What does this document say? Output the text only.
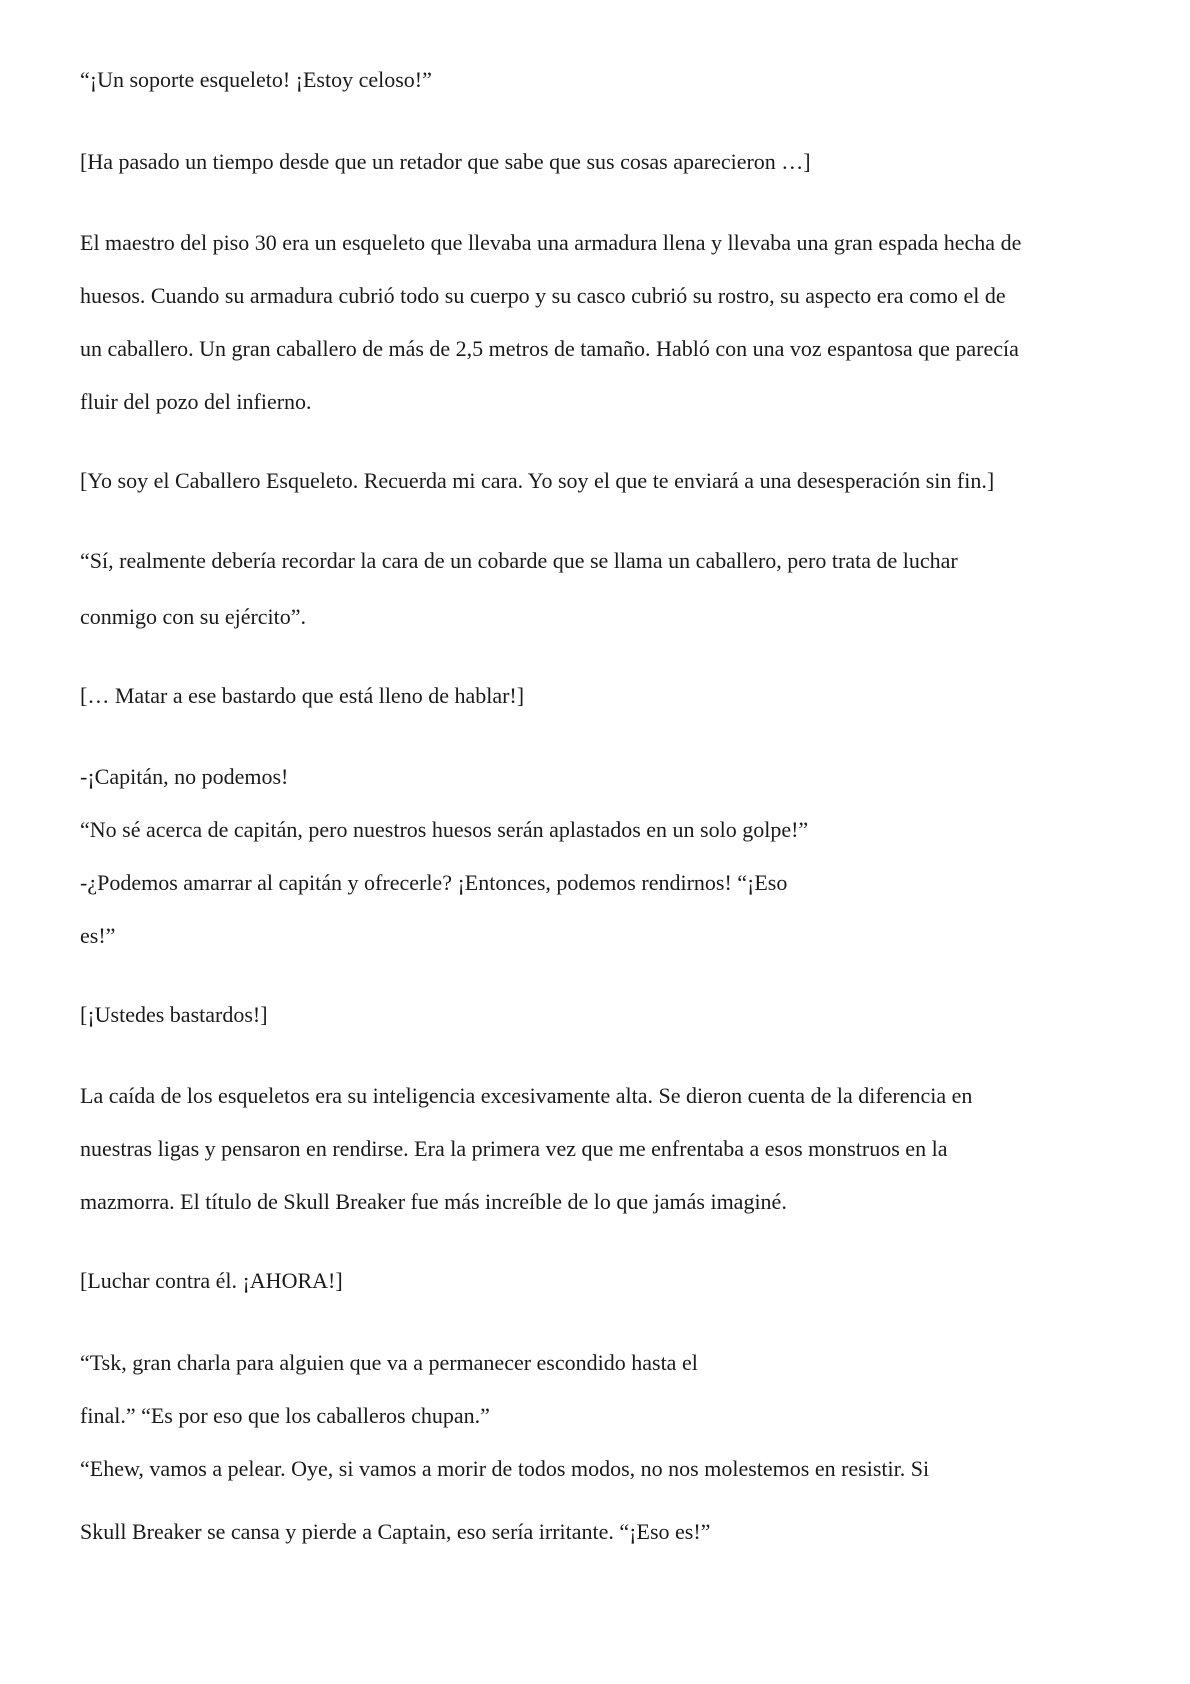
“¡Un soporte esqueleto! ¡Estoy celoso!”

[Ha pasado un tiempo desde que un retador que sabe que sus cosas aparecieron …]

El maestro del piso 30 era un esqueleto que llevaba una armadura llena y llevaba una gran espada hecha de

huesos. Cuando su armadura cubrió todo su cuerpo y su casco cubrió su rostro, su aspecto era como el de

un caballero. Un gran caballero de más de 2,5 metros de tamaño. Habló con una voz espantosa que parecía

fluir del pozo del infierno.

[Yo soy el Caballero Esqueleto. Recuerda mi cara. Yo soy el que te enviará a una desesperación sin fin.]

“Sí, realmente debería recordar la cara de un cobarde que se llama un caballero, pero trata de luchar

conmigo con su ejército”.

[… Matar a ese bastardo que está lleno de hablar!]

-¡Capitán, no podemos!

“No sé acerca de capitán, pero nuestros huesos serán aplastados en un solo golpe!”

-¿Podemos amarrar al capitán y ofrecerle? ¡Entonces, podemos rendirnos! “¡Eso

es!”

[¡Ustedes bastardos!]

La caída de los esqueletos era su inteligencia excesivamente alta. Se dieron cuenta de la diferencia en

nuestras ligas y pensaron en rendirse. Era la primera vez que me enfrentaba a esos monstruos en la

mazmorra. El título de Skull Breaker fue más increíble de lo que jamás imaginé.

[Luchar contra él. ¡AHORA!]

“Tsk, gran charla para alguien que va a permanecer escondido hasta el

final.” “Es por eso que los caballeros chupan.”

“Ehew, vamos a pelear. Oye, si vamos a morir de todos modos, no nos molestemos en resistir. Si

Skull Breaker se cansa y pierde a Captain, eso sería irritante. “¡Eso es!”
